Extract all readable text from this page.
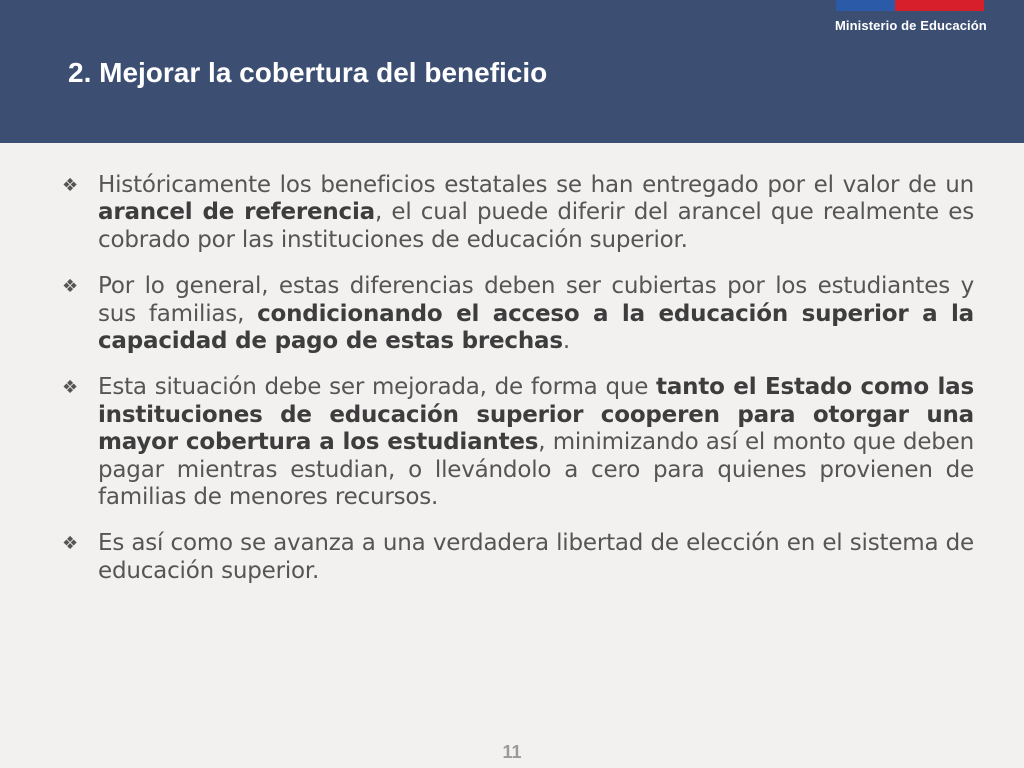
Ministerio de Educación
2. Mejorar la cobertura del beneficio
❖ Históricamente los beneficios estatales se han entregado por el valor de un arancel de referencia, el cual puede diferir del arancel que realmente es cobrado por las instituciones de educación superior.
❖ Por lo general, estas diferencias deben ser cubiertas por los estudiantes y sus familias, condicionando el acceso a la educación superior a la capacidad de pago de estas brechas.
❖ Esta situación debe ser mejorada, de forma que tanto el Estado como las instituciones de educación superior cooperen para otorgar una mayor cobertura a los estudiantes, minimizando así el monto que deben pagar mientras estudian, o llevándolo a cero para quienes provienen de familias de menores recursos.
❖ Es así como se avanza a una verdadera libertad de elección en el sistema de educación superior.
11
